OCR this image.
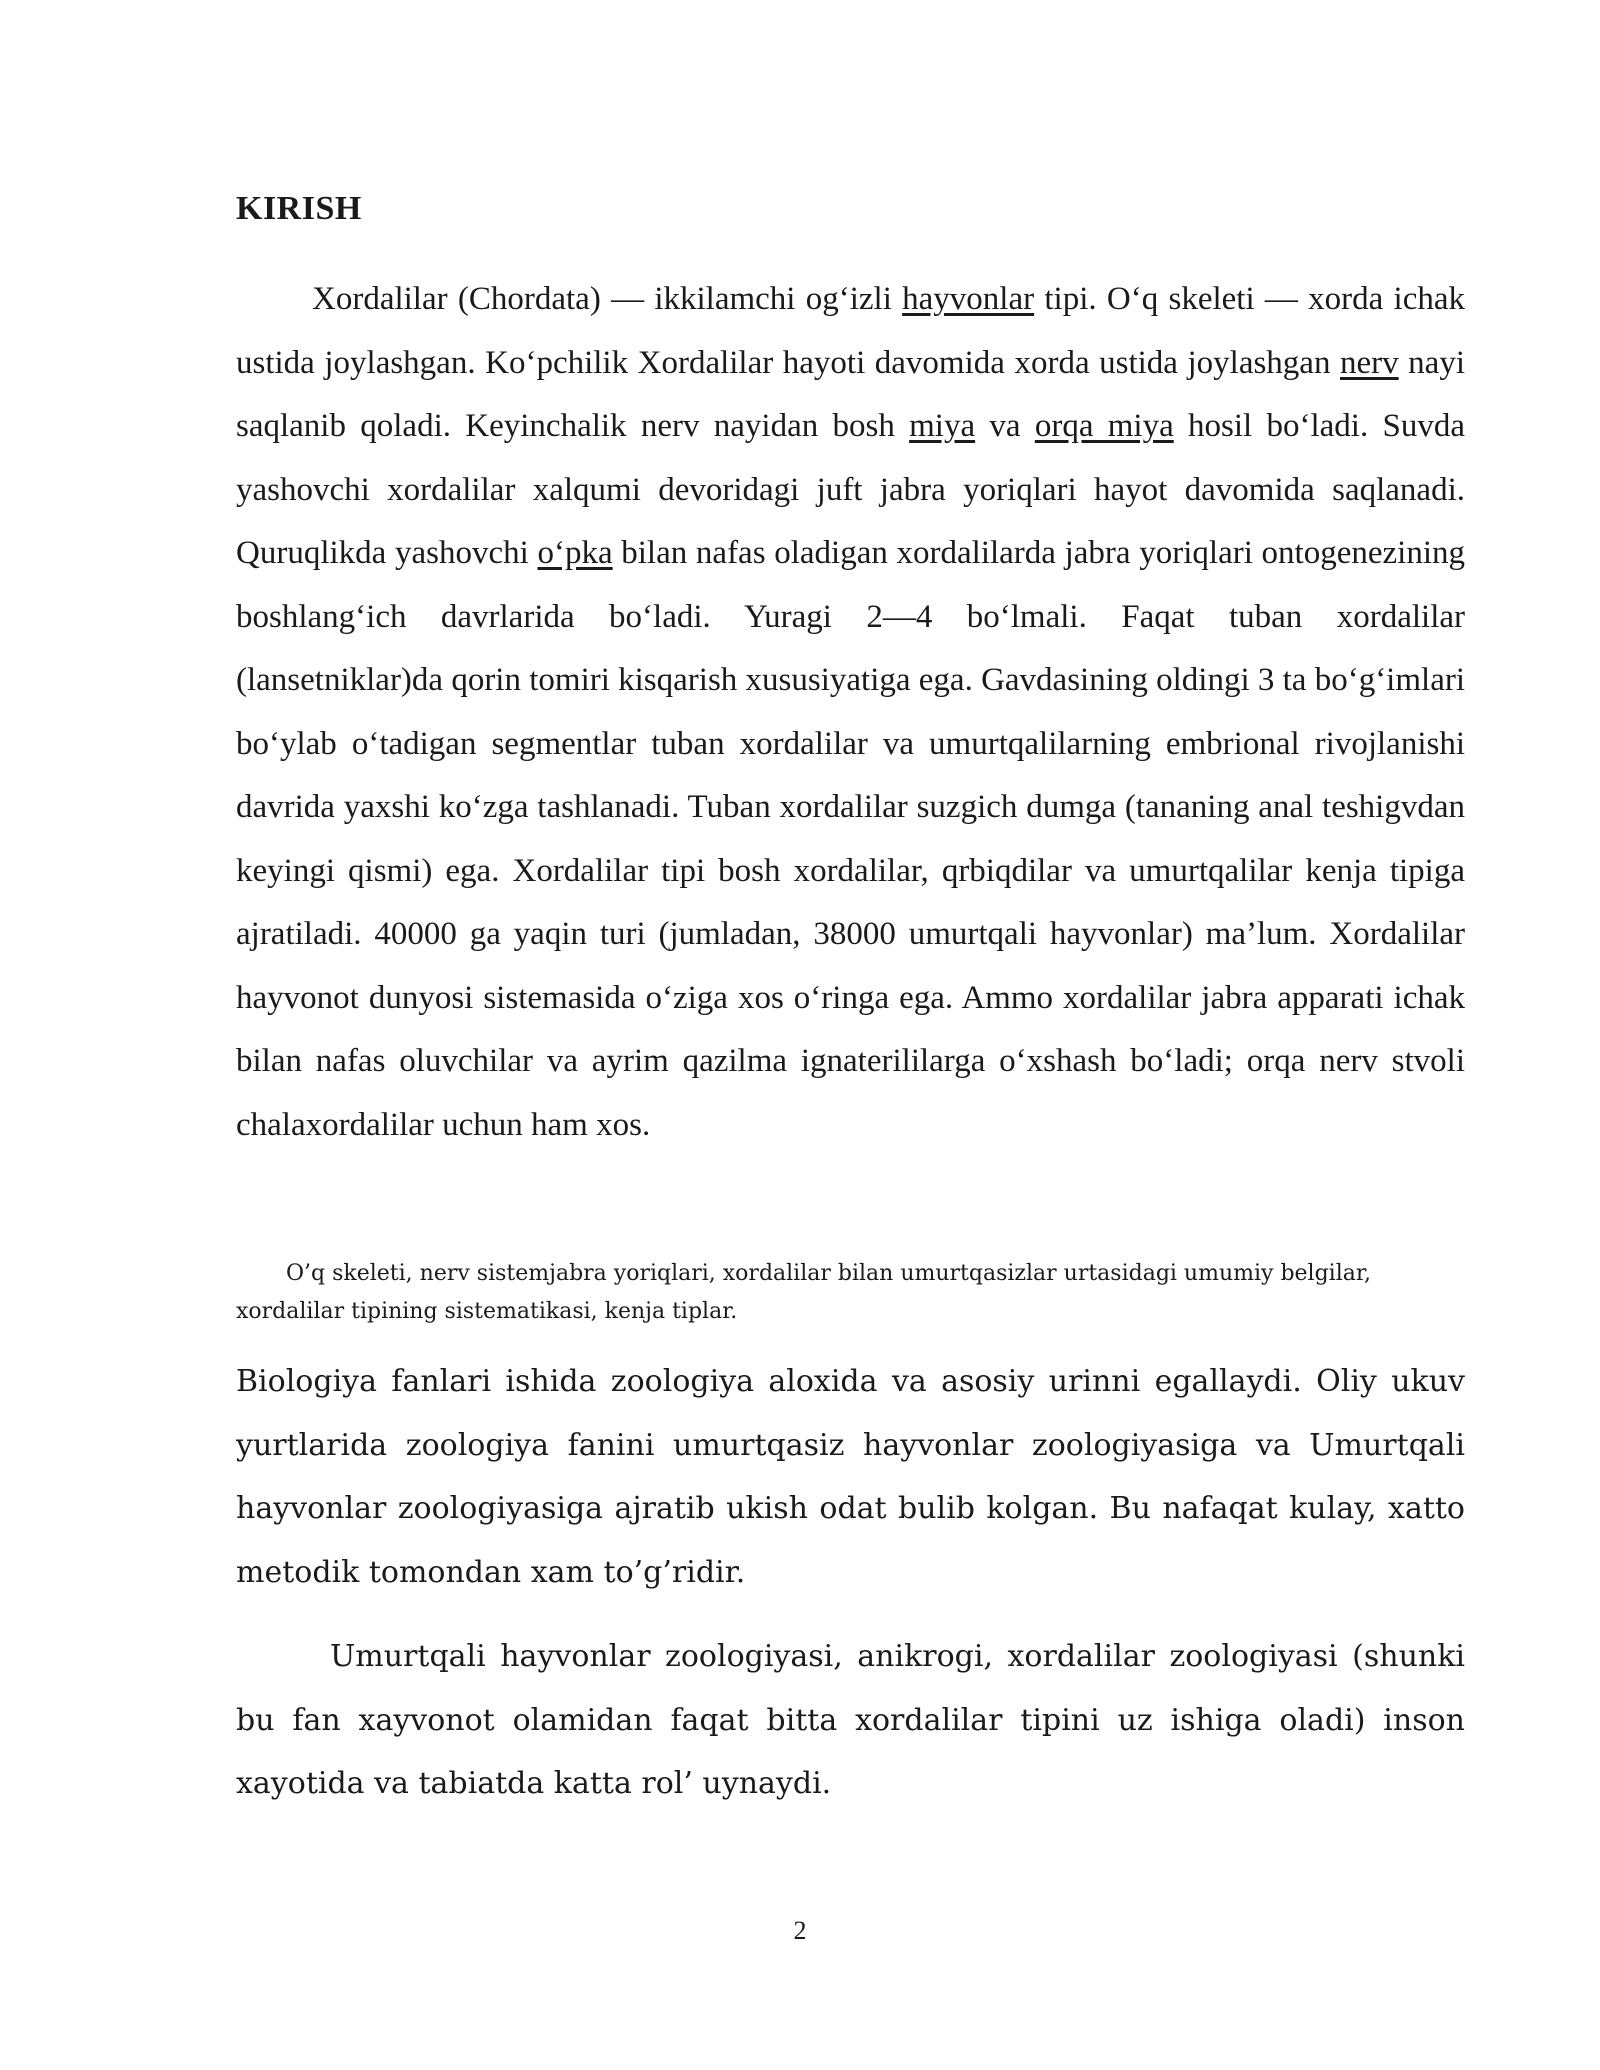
KIRISH

Xordalilar (Chordata) — ikkilamchi og‘izli hayvonlar tipi. O‘q skeleti — xorda ichak ustida joylashgan. Ko‘pchilik Xordalilar hayoti davomida xorda ustida joylashgan nerv nayi saqlanib qoladi. Keyinchalik nerv nayidan bosh miya va orqa miya hosil bo‘ladi. Suvda yashovchi xordalilar xalqumi devoridagi juft jabra yoriqlari hayot davomida saqlanadi. Quruqlikda yashovchi o‘pka bilan nafas oladigan xordalilarda jabra yoriqlari ontogenezining boshlang‘ich davrlarida bo‘ladi. Yuragi 2—4 bo‘lmali. Faqat tuban xordalilar (lansetniklar)da qorin tomiri kisqarish xususiyatiga ega. Gavdasining oldingi 3 ta bo‘g‘imlari bo‘ylab o‘tadigan segmentlar tuban xordalilar va umurtqalilarning embrional rivojlanishi davrida yaxshi ko‘zga tashlanadi. Tuban xordalilar suzgich dumga (tananing anal teshigvdan keyingi qismi) ega. Xordalilar tipi bosh xordalilar, qrbiqdilar va umurtqalilar kenja tipiga ajratiladi. 40000 ga yaqin turi (jumladan, 38000 umurtqali hayvonlar) ma’lum. Xordalilar hayvonot dunyosi sistemasida o‘ziga xos o‘ringa ega. Ammo xordalilar jabra apparati ichak bilan nafas oluvchilar va ayrim qazilma ignaterililarga o‘xshash bo‘ladi; orqa nerv stvoli chalaxordalilar uchun ham xos.

O’q skeleti, nerv sistemjabra yoriqlari, xordalilar bilan umurtqasizlar urtasidagi umumiy belgilar, xordalilar tipining sistematikasi, kenja tiplar.

Biologiya fanlari ishida zoologiya aloxida va asosiy urinni egallaydi. Oliy ukuv yurtlarida zoologiya fanini umurtqasiz hayvonlar zoologiyasiga va Umurtqali hayvonlar zoologiyasiga ajratib ukish odat bulib kolgan. Bu nafaqat kulay, xatto metodik tomondan xam to’g’ridir.

Umurtqali hayvonlar zoologiyasi, anikrogi, xordalilar zoologiyasi (shunki bu fan xayvonot olamidan faqat bitta xordalilar tipini uz ishiga oladi) inson xayotida va tabiatda katta rol’ uynaydi.

2
